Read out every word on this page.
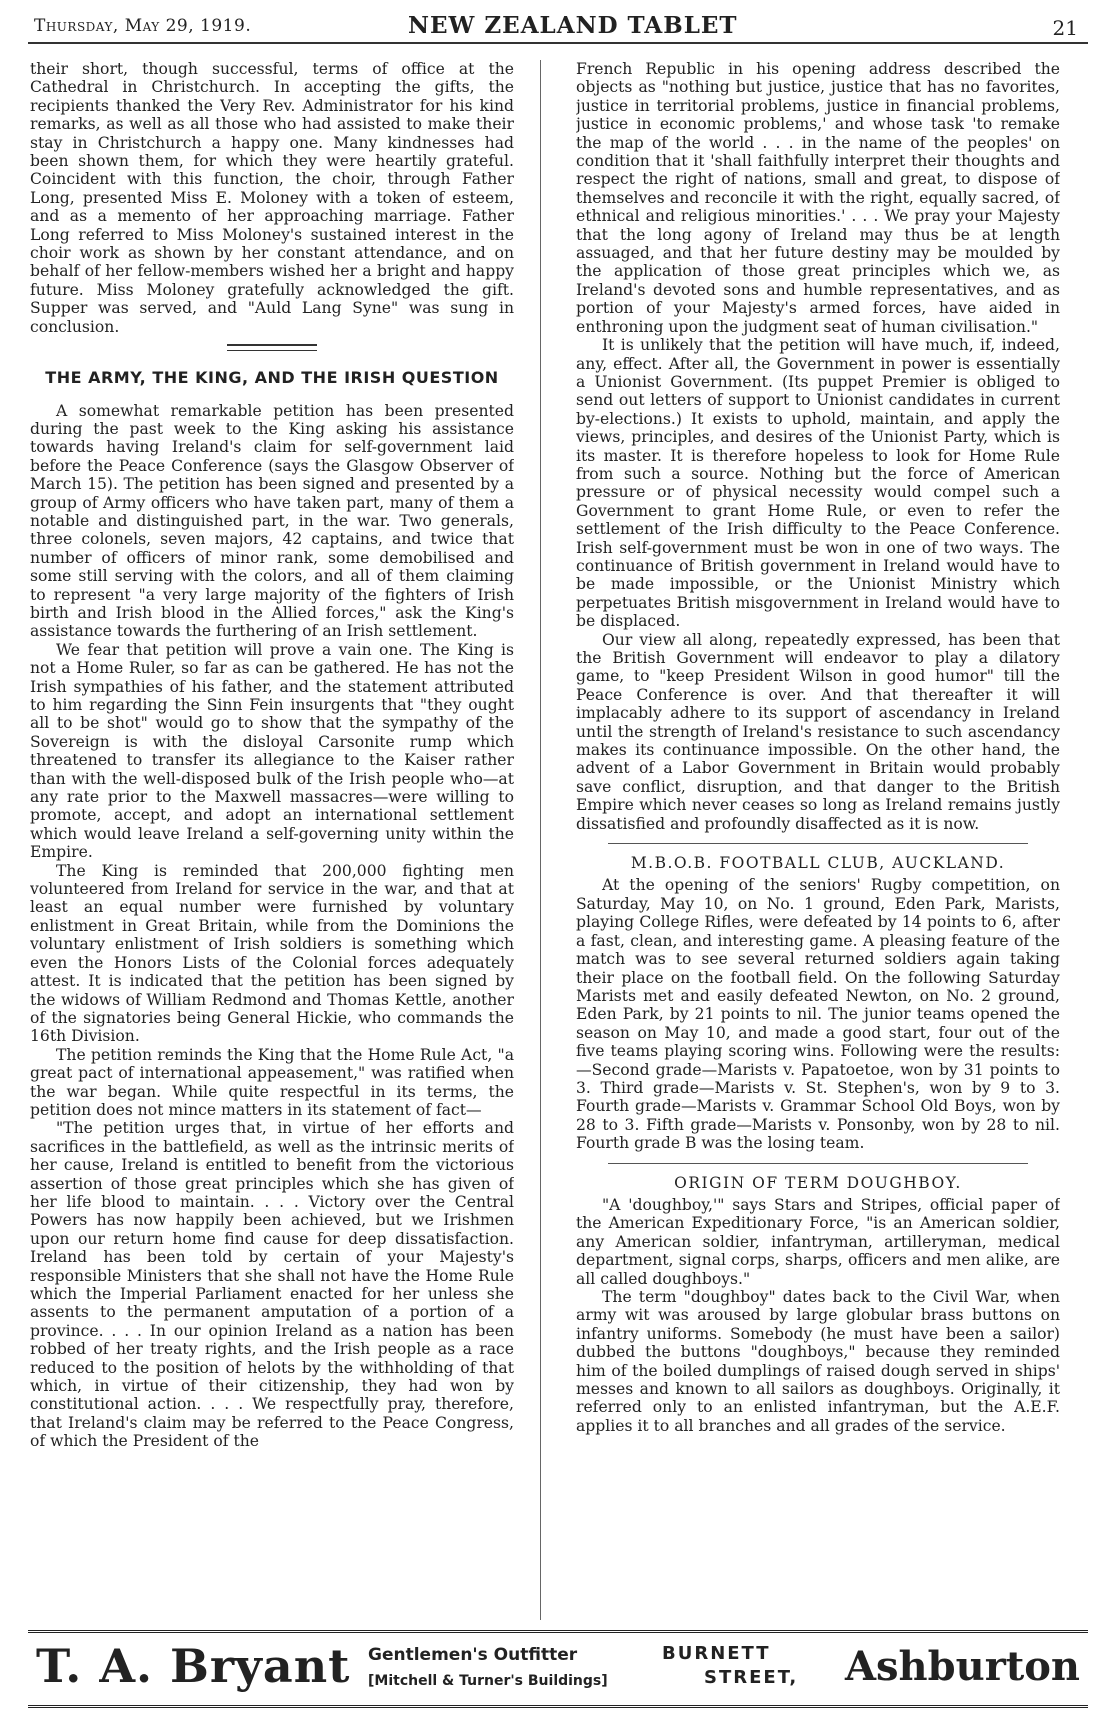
Thursday, May 29, 1919.	NEW ZEALAND TABLET	21

their short, though successful, terms of office at the Cathedral in Christchurch. In accepting the gifts, the recipients thanked the Very Rev. Administrator for his kind remarks, as well as all those who had assisted to make their stay in Christchurch a happy one. Many kindnesses had been shown them, for which they were heartily grateful. Coincident with this function, the choir, through Father Long, presented Miss E. Moloney with a token of esteem, and as a memento of her approaching marriage. Father Long referred to Miss Moloney's sustained interest in the choir work as shown by her constant attendance, and on behalf of her fellow-members wished her a bright and happy future. Miss Moloney gratefully acknowledged the gift. Supper was served, and "Auld Lang Syne" was sung in conclusion.

THE ARMY, THE KING, AND THE IRISH QUESTION

A somewhat remarkable petition has been presented during the past week to the King asking his assistance towards having Ireland's claim for self-government laid before the Peace Conference (says the Glasgow Observer of March 15). The petition has been signed and presented by a group of Army officers who have taken part, many of them a notable and distinguished part, in the war. Two generals, three colonels, seven majors, 42 captains, and twice that number of officers of minor rank, some demobilised and some still serving with the colors, and all of them claiming to represent "a very large majority of the fighters of Irish birth and Irish blood in the Allied forces," ask the King's assistance towards the furthering of an Irish settlement.

We fear that petition will prove a vain one. The King is not a Home Ruler, so far as can be gathered. He has not the Irish sympathies of his father, and the statement attributed to him regarding the Sinn Fein insurgents that "they ought all to be shot" would go to show that the sympathy of the Sovereign is with the disloyal Carsonite rump which threatened to transfer its allegiance to the Kaiser rather than with the well-disposed bulk of the Irish people who—at any rate prior to the Maxwell massacres—were willing to promote, accept, and adopt an international settlement which would leave Ireland a self-governing unity within the Empire.

The King is reminded that 200,000 fighting men volunteered from Ireland for service in the war, and that at least an equal number were furnished by voluntary enlistment in Great Britain, while from the Dominions the voluntary enlistment of Irish soldiers is something which even the Honors Lists of the Colonial forces adequately attest. It is indicated that the petition has been signed by the widows of William Redmond and Thomas Kettle, another of the signatories being General Hickie, who commands the 16th Division.

The petition reminds the King that the Home Rule Act, "a great pact of international appeasement," was ratified when the war began. While quite respectful in its terms, the petition does not mince matters in its statement of fact—

"The petition urges that, in virtue of her efforts and sacrifices in the battlefield, as well as the intrinsic merits of her cause, Ireland is entitled to benefit from the victorious assertion of those great principles which she has given of her life blood to maintain. . . . Victory over the Central Powers has now happily been achieved, but we Irishmen upon our return home find cause for deep dissatisfaction. Ireland has been told by certain of your Majesty's responsible Ministers that she shall not have the Home Rule which the Imperial Parliament enacted for her unless she assents to the permanent amputation of a portion of a province. . . . In our opinion Ireland as a nation has been robbed of her treaty rights, and the Irish people as a race reduced to the position of helots by the withholding of that which, in virtue of their citizenship, they had won by constitutional action. . . . We respectfully pray, therefore, that Ireland's claim may be referred to the Peace Congress, of which the President of the

French Republic in his opening address described the objects as "nothing but justice, justice that has no favorites, justice in territorial problems, justice in financial problems, justice in economic problems,' and whose task 'to remake the map of the world . . . in the name of the peoples' on condition that it 'shall faithfully interpret their thoughts and respect the right of nations, small and great, to dispose of themselves and reconcile it with the right, equally sacred, of ethnical and religious minorities.' . . . We pray your Majesty that the long agony of Ireland may thus be at length assuaged, and that her future destiny may be moulded by the application of those great principles which we, as Ireland's devoted sons and humble representatives, and as portion of your Majesty's armed forces, have aided in enthroning upon the judgment seat of human civilisation."

It is unlikely that the petition will have much, if, indeed, any, effect. After all, the Government in power is essentially a Unionist Government. (Its puppet Premier is obliged to send out letters of support to Unionist candidates in current by-elections.) It exists to uphold, maintain, and apply the views, principles, and desires of the Unionist Party, which is its master. It is therefore hopeless to look for Home Rule from such a source. Nothing but the force of American pressure or of physical necessity would compel such a Government to grant Home Rule, or even to refer the settlement of the Irish difficulty to the Peace Conference. Irish self-government must be won in one of two ways. The continuance of British government in Ireland would have to be made impossible, or the Unionist Ministry which perpetuates British misgovernment in Ireland would have to be displaced.

Our view all along, repeatedly expressed, has been that the British Government will endeavor to play a dilatory game, to "keep President Wilson in good humor" till the Peace Conference is over. And that thereafter it will implacably adhere to its support of ascendancy in Ireland until the strength of Ireland's resistance to such ascendancy makes its continuance impossible. On the other hand, the advent of a Labor Government in Britain would probably save conflict, disruption, and that danger to the British Empire which never ceases so long as Ireland remains justly dissatisfied and profoundly disaffected as it is now.

M.B.O.B. FOOTBALL CLUB, AUCKLAND.

At the opening of the seniors' Rugby competition, on Saturday, May 10, on No. 1 ground, Eden Park, Marists, playing College Rifles, were defeated by 14 points to 6, after a fast, clean, and interesting game. A pleasing feature of the match was to see several returned soldiers again taking their place on the football field. On the following Saturday Marists met and easily defeated Newton, on No. 2 ground, Eden Park, by 21 points to nil. The junior teams opened the season on May 10, and made a good start, four out of the five teams playing scoring wins. Following were the results:—Second grade—Marists v. Papatoetoe, won by 31 points to 3. Third grade—Marists v. St. Stephen's, won by 9 to 3. Fourth grade—Marists v. Grammar School Old Boys, won by 28 to 3. Fifth grade—Marists v. Ponsonby, won by 28 to nil. Fourth grade B was the losing team.

ORIGIN OF TERM DOUGHBOY.

"A 'doughboy,'" says Stars and Stripes, official paper of the American Expeditionary Force, "is an American soldier, any American soldier, infantryman, artilleryman, medical department, signal corps, sharps, officers and men alike, are all called doughboys."

The term "doughboy" dates back to the Civil War, when army wit was aroused by large globular brass buttons on infantry uniforms. Somebody (he must have been a sailor) dubbed the buttons "doughboys," because they reminded him of the boiled dumplings of raised dough served in ships' messes and known to all sailors as doughboys. Originally, it referred only to an enlisted infantryman, but the A.E.F. applies it to all branches and all grades of the service.

T. A. Bryant Gentlemen's Outfitter
[Mitchell & Turner's Buildings]
BURNETT
STREET, Ashburton
